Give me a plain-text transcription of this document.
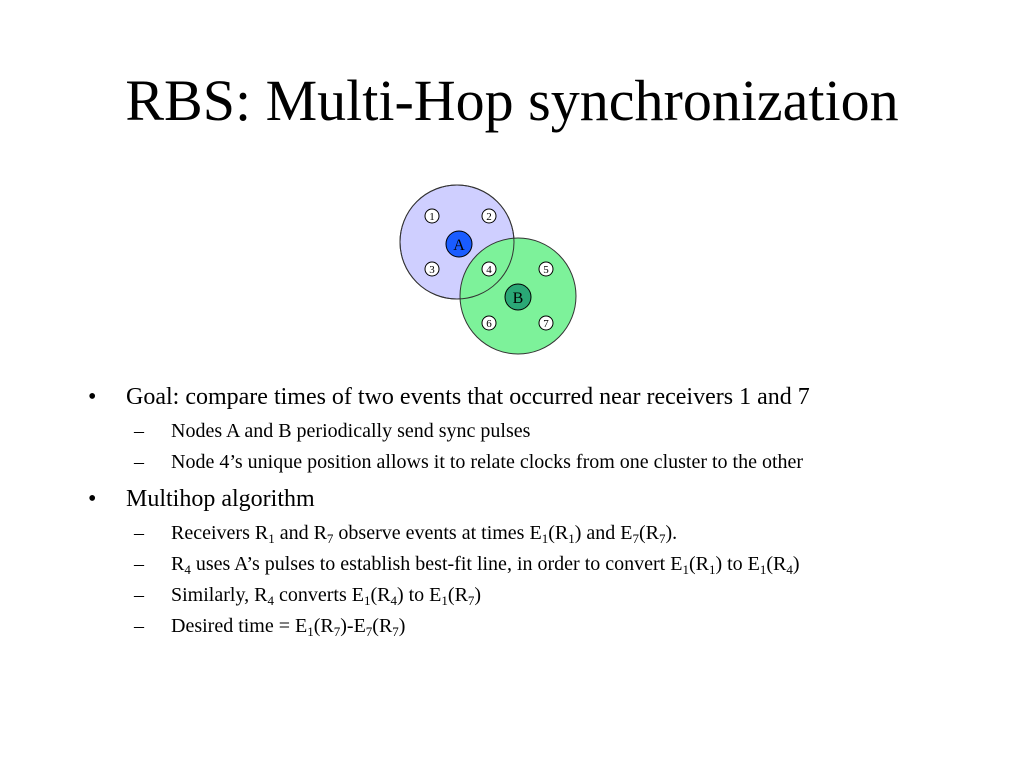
RBS: Multi-Hop synchronization
A
B
1	2
3	4	5
6	7
• Goal: compare times of two events that occurred near receivers 1 and 7
– Nodes A and B periodically send sync pulses
– Node 4’s unique position allows it to relate clocks from one cluster to the other
• Multihop algorithm
– Receivers $R_1$ and $R_7$ observe events at times $E_1(R_1)$ and $E_7(R_7)$.
– $R_4$ uses A’s pulses to establish best-fit line, in order to convert $E_1(R_1)$ to $E_1(R_4)$
– Similarly, $R_4$ converts $E_1(R_4)$ to $E_1(R_7)$
– Desired time = $E_1(R_7)-E_7(R_7)$
